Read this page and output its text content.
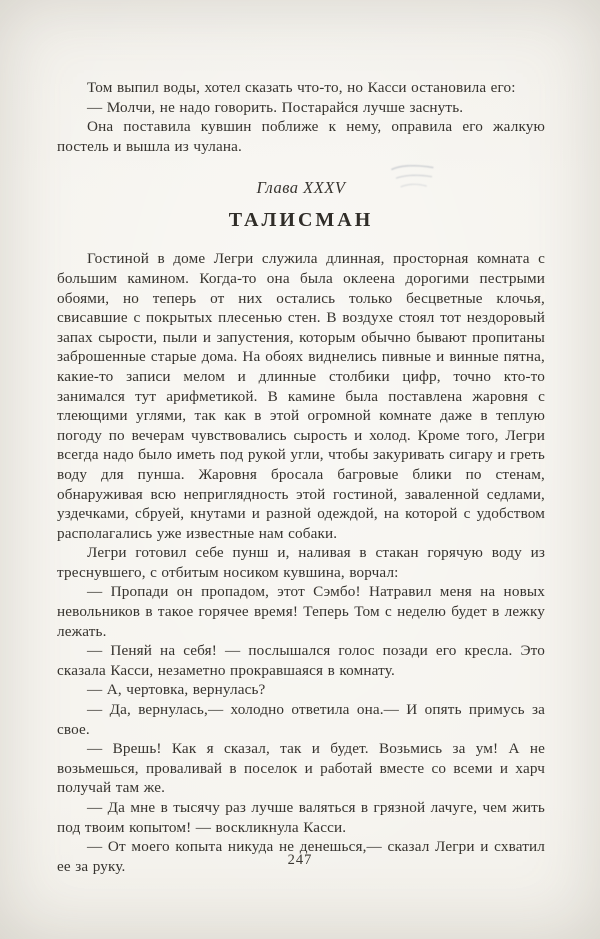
Том выпил воды, хотел сказать что-то, но Касси остановила его:

— Молчи, не надо говорить. Постарайся лучше заснуть.

Она поставила кувшин поближе к нему, оправила его жалкую постель и вышла из чулана.

Глава XXXV
ТАЛИСМАН

Гостиной в доме Легри служила длинная, просторная комната с большим камином. Когда-то она была оклеена дорогими пестрыми обоями, но теперь от них остались только бесцветные клочья, свисавшие с покрытых плесенью стен. В воздухе стоял тот нездоровый запах сырости, пыли и запустения, которым обычно бывают пропитаны заброшенные старые дома. На обоях виднелись пивные и винные пятна, какие-то записи мелом и длинные столбики цифр, точно кто-то занимался тут арифметикой. В камине была поставлена жаровня с тлеющими углями, так как в этой огромной комнате даже в теплую погоду по вечерам чувствовались сырость и холод. Кроме того, Легри всегда надо было иметь под рукой угли, чтобы закуривать сигару и греть воду для пунша. Жаровня бросала багровые блики по стенам, обнаруживая всю неприглядность этой гостиной, заваленной седлами, уздечками, сбруей, кнутами и разной одеждой, на которой с удобством располагались уже известные нам собаки.

Легри готовил себе пунш и, наливая в стакан горячую воду из треснувшего, с отбитым носиком кувшина, ворчал:

— Пропади он пропадом, этот Сэмбо! Натравил меня на новых невольников в такое горячее время! Теперь Том с неделю будет в лежку лежать.

— Пеняй на себя! — послышался голос позади его кресла. Это сказала Касси, незаметно прокравшаяся в комнату.

— А, чертовка, вернулась?

— Да, вернулась,— холодно ответила она.— И опять примусь за свое.

— Врешь! Как я сказал, так и будет. Возьмись за ум! А не возьмешься, проваливай в поселок и работай вместе со всеми и харч получай там же.

— Да мне в тысячу раз лучше валяться в грязной лачуге, чем жить под твоим копытом! — воскликнула Касси.

— От моего копыта никуда не денешься,— сказал Легри и схватил ее за руку.	247
